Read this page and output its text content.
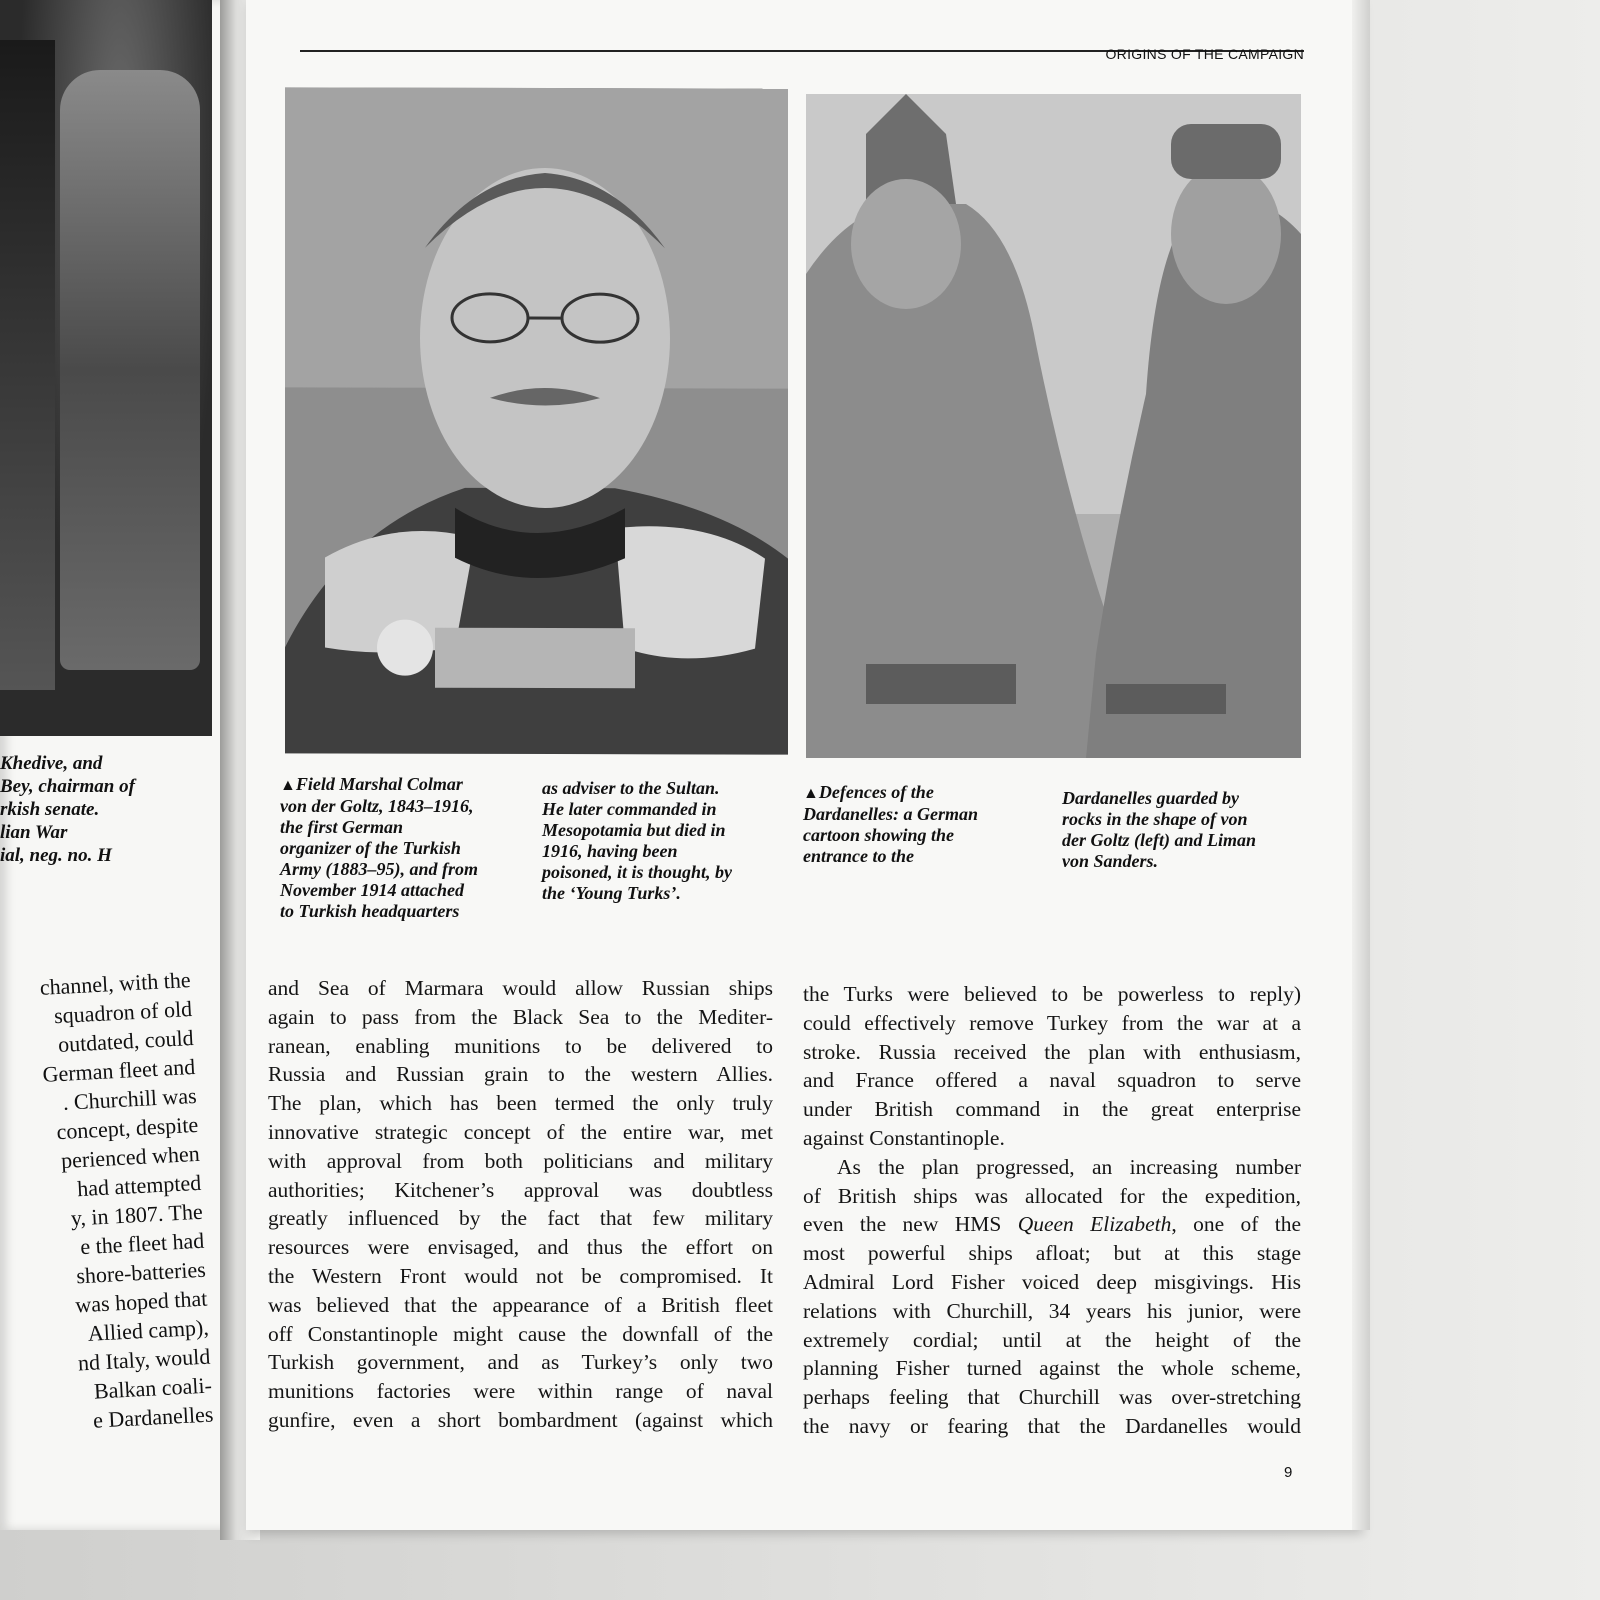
Khedive, and
Bey, chairman of
rkish senate.
lian War
ial, neg. no. H
channel, with the
squadron of old
outdated, could
German fleet and
. Churchill was
concept, despite
perienced when
had attempted
y, in 1807. The
e the fleet had
shore-batteries
was hoped that
Allied camp),
nd Italy, would
Balkan coali-
e Dardanelles
ORIGINS OF THE CAMPAIGN
▲Field Marshal Colmar
von der Goltz, 1843–1916,
the first German
organizer of the Turkish
Army (1883–95), and from
November 1914 attached
to Turkish headquarters
as adviser to the Sultan.
He later commanded in
Mesopotamia but died in
1916, having been
poisoned, it is thought, by
the ‘Young Turks’.
▲Defences of the
Dardanelles: a German
cartoon showing the
entrance to the
Dardanelles guarded by
rocks in the shape of von
der Goltz (left) and Liman
von Sanders.
and Sea of Marmara would allow Russian ships
again to pass from the Black Sea to the Mediter-
ranean, enabling munitions to be delivered to
Russia and Russian grain to the western Allies.
The plan, which has been termed the only truly
innovative strategic concept of the entire war, met
with approval from both politicians and military
authorities; Kitchener’s approval was doubtless
greatly influenced by the fact that few military
resources were envisaged, and thus the effort on
the Western Front would not be compromised. It
was believed that the appearance of a British fleet
off Constantinople might cause the downfall of the
Turkish government, and as Turkey’s only two
munitions factories were within range of naval
gunfire, even a short bombardment (against which
the Turks were believed to be powerless to reply)
could effectively remove Turkey from the war at a
stroke. Russia received the plan with enthusiasm,
and France offered a naval squadron to serve
under British command in the great enterprise
against Constantinople.
As the plan progressed, an increasing number
of British ships was allocated for the expedition,
even the new HMS Queen Elizabeth, one of the
most powerful ships afloat; but at this stage
Admiral Lord Fisher voiced deep misgivings. His
relations with Churchill, 34 years his junior, were
extremely cordial; until at the height of the
planning Fisher turned against the whole scheme,
perhaps feeling that Churchill was over-stretching
the navy or fearing that the Dardanelles would
9
